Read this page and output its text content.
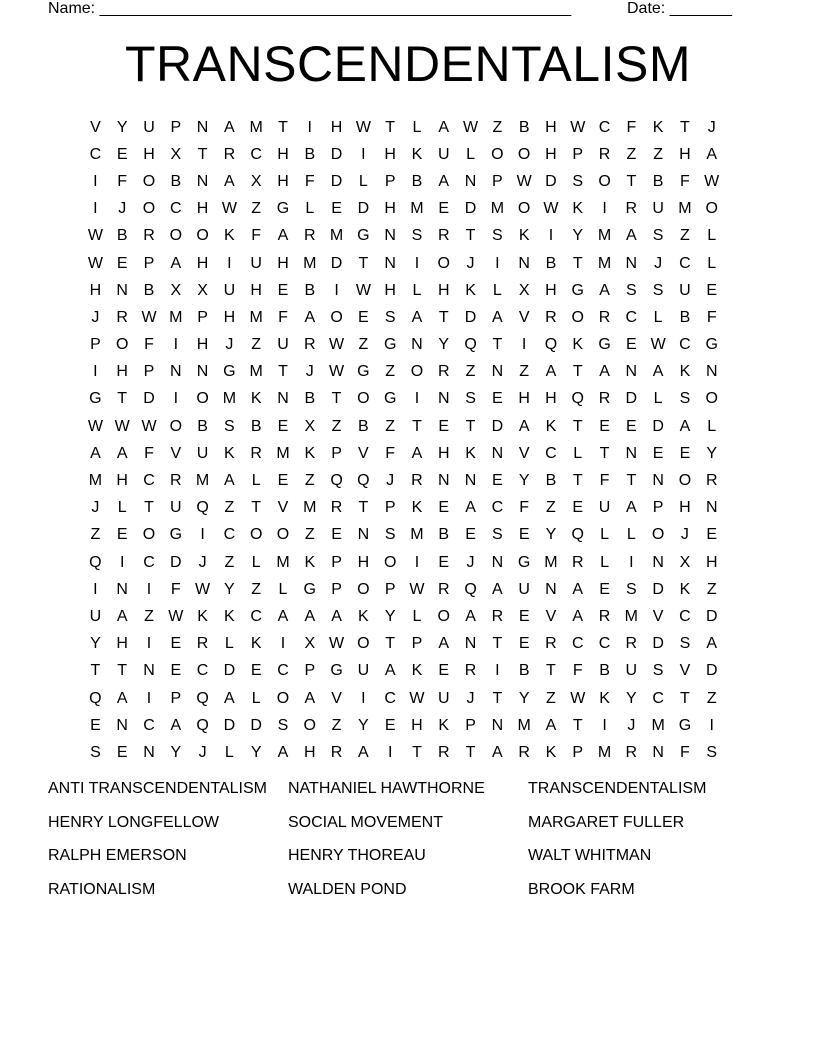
Name: _____________________________________________________	Date: _______
TRANSCENDENTALISM
V	Y U P N A M T	I	H W T	L	A W Z	B H W C	F	K	T	J
C E H X	T	R C H B D	I	H K U	L	O O H P R	Z	Z	H A
I	F O B N A	X H	F	D	L	P	B	A N P W D S O T	B	F W
I	J	O C H W Z G	L	E D H M E D M O W K	I	R U M O
W B R O O K	F	A R M G N S R	T	S	K	I	Y M A	S	Z	L
W E	P	A H	I	U H M D	T	N	I	O	J	I	N B	T M N	J	C	L
H N B	X	X U H E	B	I	W H	L	H K	L	X H G A	S	S U E
J	R W M P H M F	A O E	S	A	T	D A	V R O R C	L	B	F
P O F	I	H	J	Z	U R W Z G N Y Q T	I	Q K G E W C G
I	H P N N G M T	J W G Z O R	Z	N	Z	A	T	A N A	K N
G T	D	I	O M K N B	T O G	I	N S	E H H Q R D	L	S O
W W W O B	S	B	E	X	Z	B	Z	T	E	T	D A	K	T	E	E D A	L
A	A	F	V U K R M K	P	V	F	A H K N V C	L	T	N E	E	Y
M H C R M A	L	E	Z Q Q	J	R N N E	Y	B	T	F	T	N O R
J	L	T	U Q Z	T	V M R	T	P	K	E	A C	F	Z	E U A	P H N
Z	E O G	I	C O O Z	E N S M B	E	S	E	Y Q	L	L	O	J	E
Q	I	C D	J	Z	L M K	P H O	I	E	J	N G M R	L	I	N X H
I	N	I	F W Y	Z	L	G P O P W R Q A U N A	E	S D K	Z
U A	Z W K	K C A	A	A	K	Y	L	O A R E	V	A R M V C D
Y H	I	E R	L	K	I	X W O T	P	A N	T	E R C C R D S	A
T	T	N E C D E C P G U A	K	E R	I	B	T	F	B U S	V D
Q A	I	P Q A	L	O A	V	I	C W U	J	T	Y	Z W K	Y C	T	Z
E N C A Q D D S O Z	Y	E H K	P N M A	T	I	J	M G	I
S	E N Y	J	L	Y	A H R A	I	T	R	T	A R K	P M R N	F	S
ANTI TRANSCENDENTALISM	NATHANIEL HAWTHORNE	TRANSCENDENTALISM
HENRY LONGFELLOW	SOCIAL MOVEMENT	MARGARET FULLER
RALPH EMERSON	HENRY THOREAU	WALT WHITMAN
RATIONALISM	WALDEN POND	BROOK FARM
